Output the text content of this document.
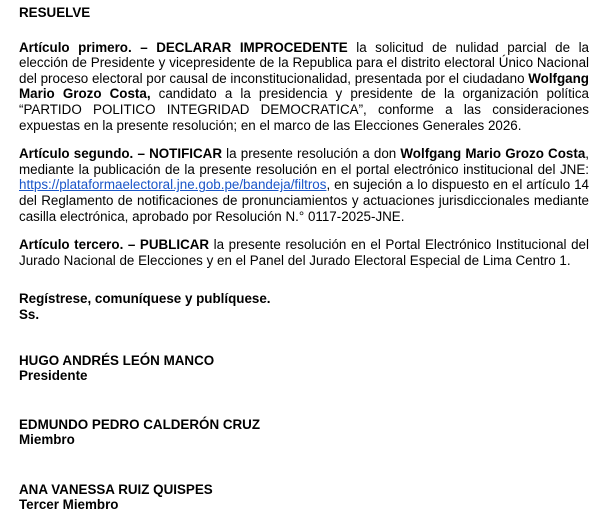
RESUELVE

Artículo primero. – DECLARAR IMPROCEDENTE la solicitud de nulidad parcial de la elección de Presidente y vicepresidente de la Republica para el distrito electoral Único Nacional del proceso electoral por causal de inconstitucionalidad, presentada por el ciudadano Wolfgang Mario Grozo Costa, candidato a la presidencia y presidente de la organización política “PARTIDO POLITICO INTEGRIDAD DEMOCRATICA”, conforme a las consideraciones expuestas en la presente resolución; en el marco de las Elecciones Generales 2026.

Artículo segundo. – NOTIFICAR la presente resolución a don Wolfgang Mario Grozo Costa, mediante la publicación de la presente resolución en el portal electrónico institucional del JNE: https://plataformaelectoral.jne.gob.pe/bandeja/filtros, en sujeción a lo dispuesto en el artículo 14 del Reglamento de notificaciones de pronunciamientos y actuaciones jurisdiccionales mediante casilla electrónica, aprobado por Resolución N.° 0117-2025-JNE.

Artículo tercero. – PUBLICAR la presente resolución en el Portal Electrónico Institucional del Jurado Nacional de Elecciones y en el Panel del Jurado Electoral Especial de Lima Centro 1.

Regístrese, comuníquese y publíquese.
Ss.
HUGO ANDRÉS LEÓN MANCO
Presidente
EDMUNDO PEDRO CALDERÓN CRUZ
Miembro
ANA VANESSA RUIZ QUISPES
Tercer Miembro
